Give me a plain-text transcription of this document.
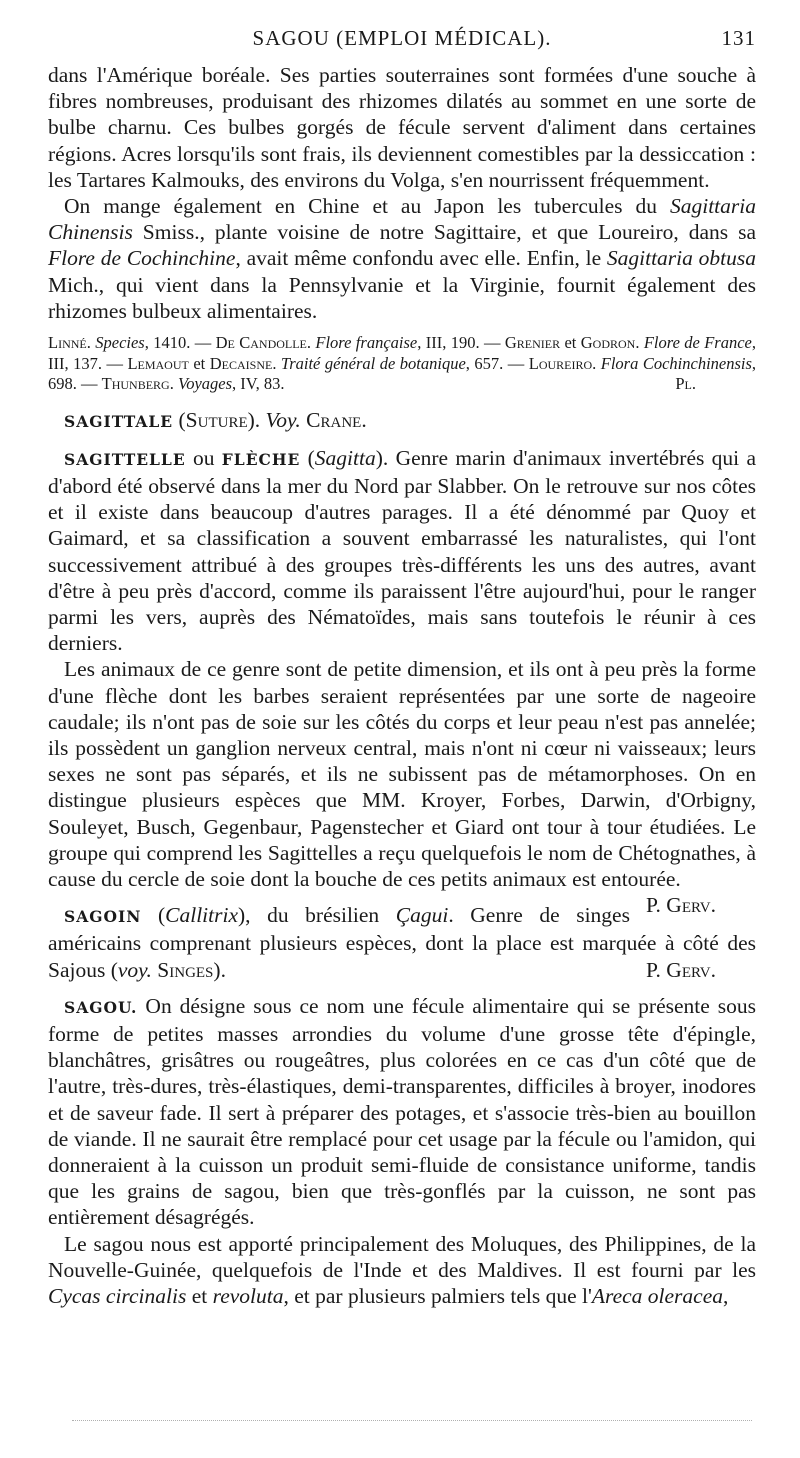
SAGOU (EMPLOI MÉDICAL).	131

dans l'Amérique boréale. Ses parties souterraines sont formées d'une souche à fibres nombreuses, produisant des rhizomes dilatés au sommet en une sorte de bulbe charnu. Ces bulbes gorgés de fécule servent d'aliment dans certaines régions. Acres lorsqu'ils sont frais, ils deviennent comestibles par la dessiccation : les Tartares Kalmouks, des environs du Volga, s'en nourrissent fréquemment.

On mange également en Chine et au Japon les tubercules du Sagittaria Chinensis Smiss., plante voisine de notre Sagittaire, et que Loureiro, dans sa Flore de Cochinchine, avait même confondu avec elle. Enfin, le Sagittaria obtusa Mich., qui vient dans la Pennsylvanie et la Virginie, fournit également des rhizomes bulbeux alimentaires.

Linné. Species, 1410. — De Candolle. Flore française, III, 190. — Grenier et Godron. Flore de France, III, 137. — Lemaout et Decaisne. Traité général de botanique, 657. — Loureiro. Flora Cochinchinensis, 698. — Thunberg. Voyages, IV, 83.	Pl.

SAGITTALE (Suture). Voy. Crane.

SAGITTELLE ou FLÈCHE (Sagitta). Genre marin d'animaux invertébrés qui a d'abord été observé dans la mer du Nord par Slabber. On le retrouve sur nos côtes et il existe dans beaucoup d'autres parages. Il a été dénommé par Quoy et Gaimard, et sa classification a souvent embarrassé les naturalistes, qui l'ont successivement attribué à des groupes très-différents les uns des autres, avant d'être à peu près d'accord, comme ils paraissent l'être aujourd'hui, pour le ranger parmi les vers, auprès des Nématoïdes, mais sans toutefois le réunir à ces derniers.

Les animaux de ce genre sont de petite dimension, et ils ont à peu près la forme d'une flèche dont les barbes seraient représentées par une sorte de nageoire caudale; ils n'ont pas de soie sur les côtés du corps et leur peau n'est pas annelée; ils possèdent un ganglion nerveux central, mais n'ont ni cœur ni vaisseaux; leurs sexes ne sont pas séparés, et ils ne subissent pas de métamorphoses. On en distingue plusieurs espèces que MM. Kroyer, Forbes, Darwin, d'Orbigny, Souleyet, Busch, Gegenbaur, Pagenstecher et Giard ont tour à tour étudiées. Le groupe qui comprend les Sagittelles a reçu quelquefois le nom de Chétognathes, à cause du cercle de soie dont la bouche de ces petits animaux est entourée.
P. Gerv.

SAGOIN (Callitrix), du brésilien Çagui. Genre de singes américains comprenant plusieurs espèces, dont la place est marquée à côté des Sajous (voy. Singes).	P. Gerv.

SAGOU. On désigne sous ce nom une fécule alimentaire qui se présente sous forme de petites masses arrondies du volume d'une grosse tête d'épingle, blanchâtres, grisâtres ou rougeâtres, plus colorées en ce cas d'un côté que de l'autre, très-dures, très-élastiques, demi-transparentes, difficiles à broyer, inodores et de saveur fade. Il sert à préparer des potages, et s'associe très-bien au bouillon de viande. Il ne saurait être remplacé pour cet usage par la fécule ou l'amidon, qui donneraient à la cuisson un produit semi-fluide de consistance uniforme, tandis que les grains de sagou, bien que très-gonflés par la cuisson, ne sont pas entièrement désagrégés.

Le sagou nous est apporté principalement des Moluques, des Philippines, de la Nouvelle-Guinée, quelquefois de l'Inde et des Maldives. Il est fourni par les Cycas circinalis et revoluta, et par plusieurs palmiers tels que l'Areca oleracea,
